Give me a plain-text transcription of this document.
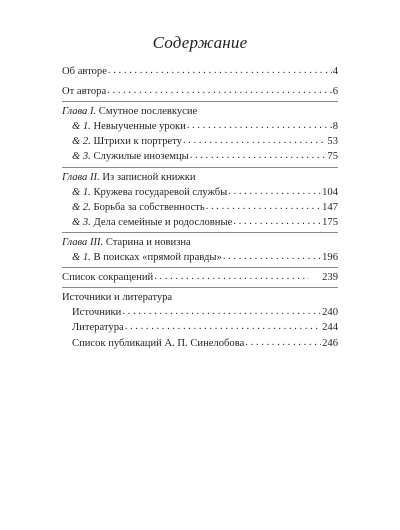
Содержание
Об авторе . . .	4
От автора . . .	6
Глава I. Смутное послевкусие
& 1. Невыученные уроки . . .	8
& 2. Штрихи к портрету . . .	53
& 3. Служилые иноземцы . . .	75
Глава II. Из записной книжки
& 1. Кружева государевой службы . . .	104
& 2. Борьба за собственность . . .	147
& 3. Дела семейные и родословные . . .	175
Глава III. Старина и новизна
& 1. В поисках «прямой правды» . . .	196
Список сокращений . . .	239
Источники и литература
Источники . . .	240
Литература . . .	244
Список публикаций А. П. Синелобова . . .	246
